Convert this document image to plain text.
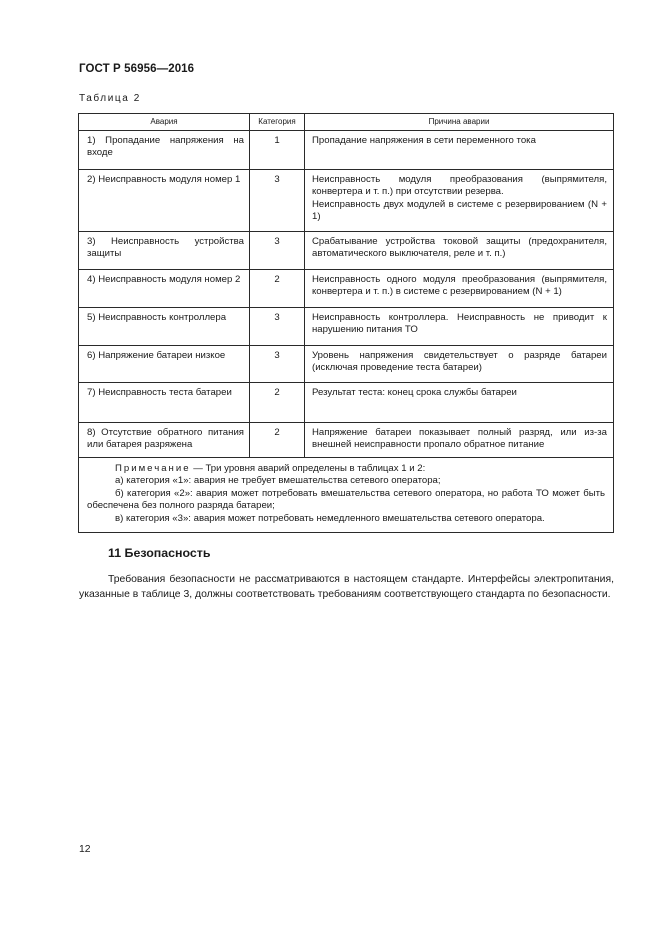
ГОСТ Р 56956—2016
Таблица 2
Авария	Категория	Причина аварии
1) Пропадание напряжения на входе	1	Пропадание напряжения в сети переменного тока
2) Неисправность модуля номер 1	3	Неисправность модуля преобразования (выпрямителя, конвертера и т. п.) при отсутствии резерва.
Неисправность двух модулей в системе с резервированием (N + 1)

3) Неисправность устройства защиты	3	Срабатывание устройства токовой защиты (предохранителя, автоматического выключателя, реле и т. п.)
4) Неисправность модуля номер 2	2	Неисправность одного модуля преобразования (выпрямителя, конвертера и т. п.) в системе с резервированием (N + 1)
5) Неисправность контроллера	3	Неисправность контроллера. Неисправность не приводит к нарушению питания ТО
6) Напряжение батареи низкое	3	Уровень напряжения свидетельствует о разряде батареи (исключая проведение теста батареи)
7) Неисправность теста батареи	2	Результат теста: конец срока службы батареи
8) Отсутствие обратного питания или батарея разряжена	2	Напряжение батареи показывает полный разряд, или из-за внешней неисправности пропало обратное питание

Примечание — Три уровня аварий определены в таблицах 1 и 2:
а) категория «1»: авария не требует вмешательства сетевого оператора;
б) категория «2»: авария может потребовать вмешательства сетевого оператора, но работа ТО может быть обеспечена без полного разряда батареи;
в) категория «3»: авария может потребовать немедленного вмешательства сетевого оператора.		
11 Безопасность
Требования безопасности не рассматриваются в настоящем стандарте. Интерфейсы электропитания, указанные в таблице 3, должны соответствовать требованиям соответствующего стандарта по безопасности.
12
